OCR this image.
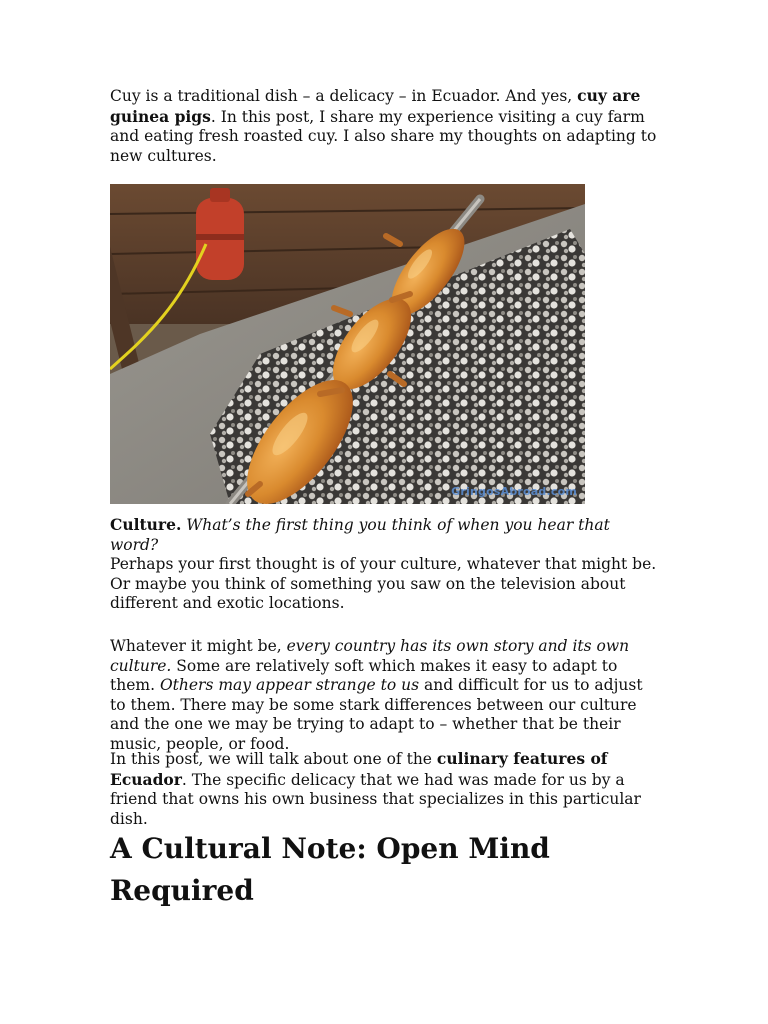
Cuy is a traditional dish – a delicacy – in Ecuador. And yes, cuy are guinea pigs. In this post, I share my experience visiting a cuy farm and eating fresh roasted cuy. I also share my thoughts on adapting to new cultures.

GringosAbroad.com

Culture. What’s the first thing you think of when you hear that word?
Perhaps your first thought is of your culture, whatever that might be. Or maybe you think of something you saw on the television about different and exotic locations.

Whatever it might be, every country has its own story and its own culture. Some are relatively soft which makes it easy to adapt to them. Others may appear strange to us and difficult for us to adjust to them. There may be some stark differences between our culture and the one we may be trying to adapt to – whether that be their music, people, or food.

In this post, we will talk about one of the culinary features of Ecuador. The specific delicacy that we had was made for us by a friend that owns his own business that specializes in this particular dish.

A Cultural Note: Open Mind Required
